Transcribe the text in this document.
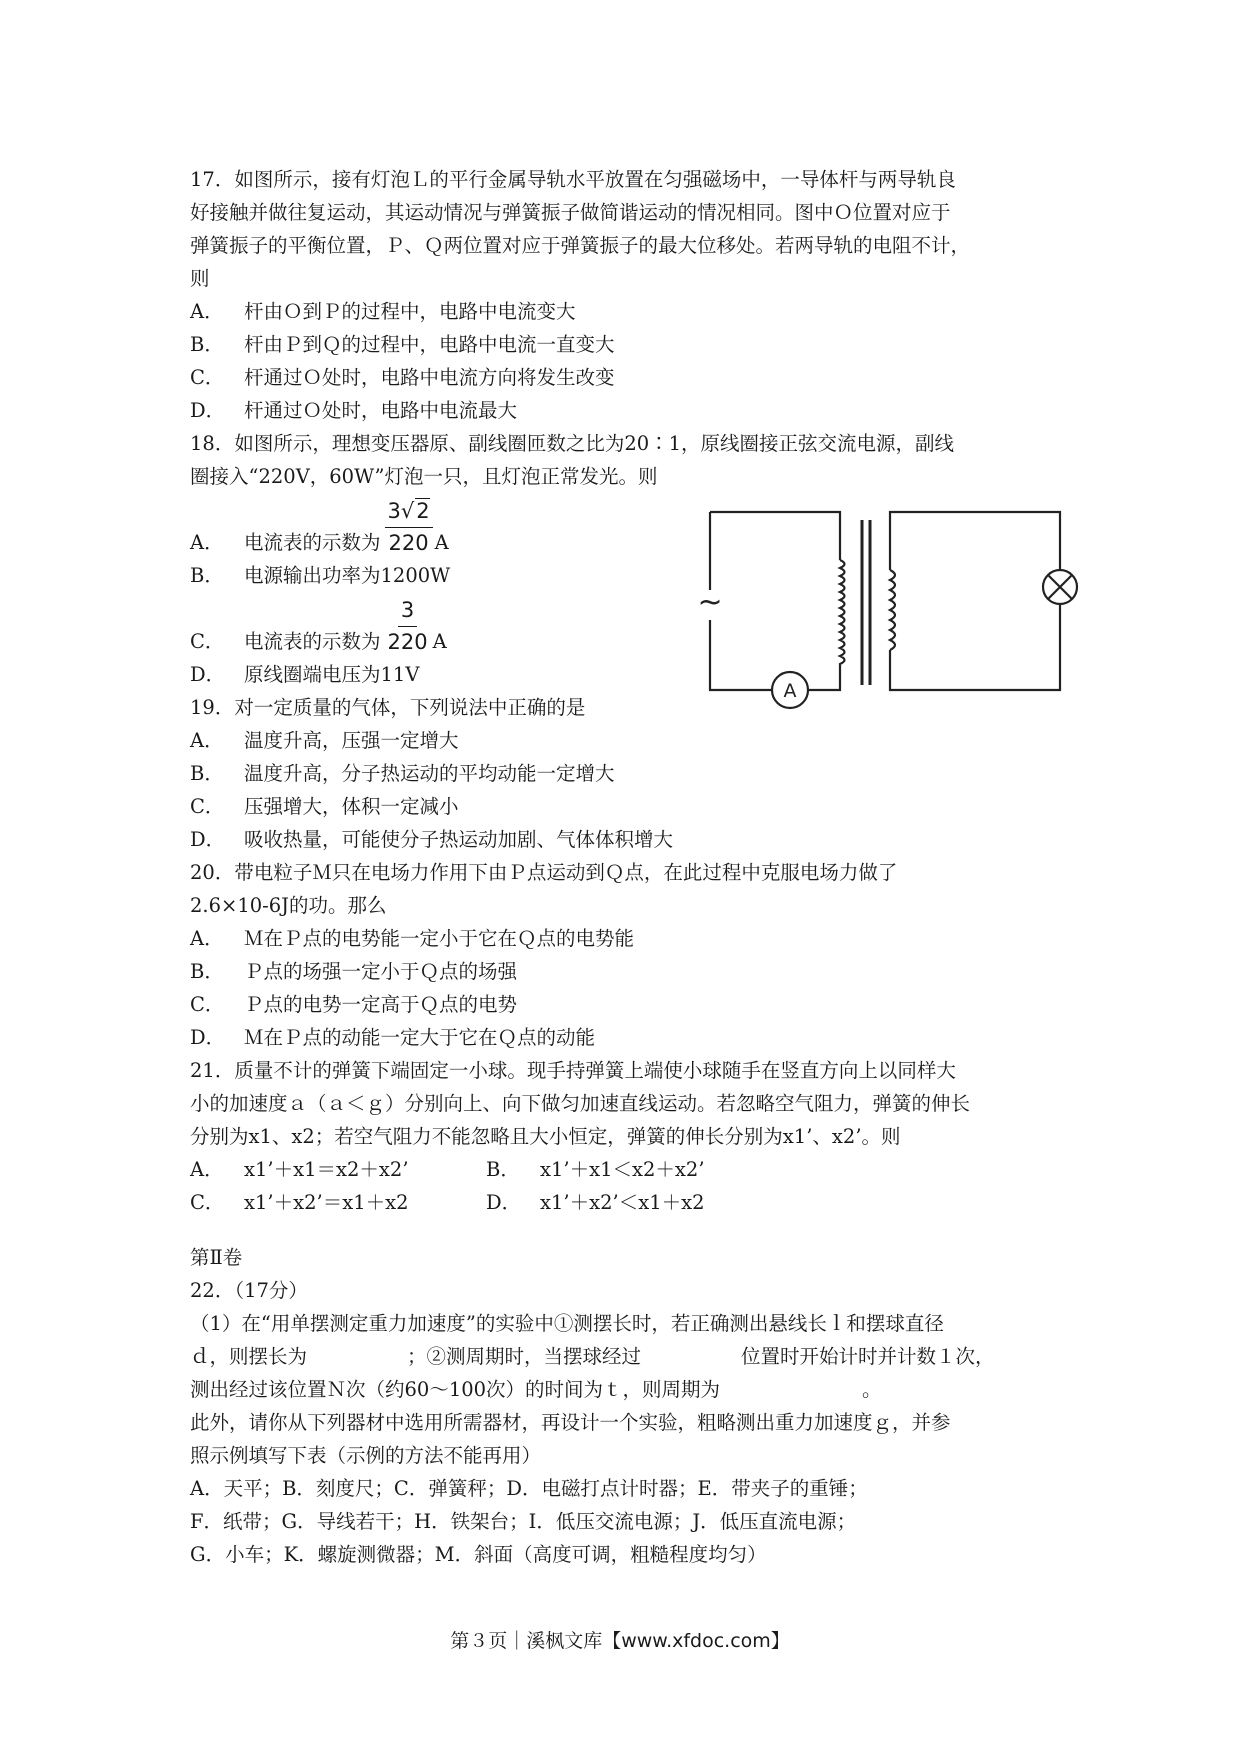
17．如图所示，接有灯泡Ｌ的平行金属导轨水平放置在匀强磁场中，一导体杆与两导轨良
好接触并做往复运动，其运动情况与弹簧振子做简谐运动的情况相同。图中Ｏ位置对应于
弹簧振子的平衡位置，Ｐ、Ｑ两位置对应于弹簧振子的最大位移处。若两导轨的电阻不计，
则
A．	杆由Ｏ到Ｐ的过程中，电路中电流变大
B．	杆由Ｐ到Ｑ的过程中，电路中电流一直变大
C．	杆通过Ｏ处时，电路中电流方向将发生改变
D． 杆通过Ｏ处时，电路中电流最大
18．如图所示，理想变压器原、副线圈匝数之比为20∶1，原线圈接正弦交流电源，副线
圈接入“220V，60W”灯泡一只，且灯泡正常发光。则
A．	电流表的示数为 $\frac{3√2}{220}$ A
B．	电源输出功率为1200W
C．	电流表的示数为 $\frac{3}{220}$ A
D． 原线圈端电压为11V
19．对一定质量的气体，下列说法中正确的是
A．	温度升高，压强一定增大
B．	温度升高，分子热运动的平均动能一定增大
C．	压强增大，体积一定减小
D． 吸收热量，可能使分子热运动加剧、气体体积增大
20．带电粒子Ｍ只在电场力作用下由Ｐ点运动到Ｑ点，在此过程中克服电场力做了
2.6×10-6J的功。那么
A．	Ｍ在Ｐ点的电势能一定小于它在Ｑ点的电势能
B．	Ｐ点的场强一定小于Ｑ点的场强
C．	Ｐ点的电势一定高于Ｑ点的电势
D． Ｍ在Ｐ点的动能一定大于它在Ｑ点的动能
21．质量不计的弹簧下端固定一小球。现手持弹簧上端使小球随手在竖直方向上以同样大
小的加速度ａ（ａ＜ｇ）分别向上、向下做匀加速直线运动。若忽略空气阻力，弹簧的伸长
分别为x1、x2；若空气阻力不能忽略且大小恒定，弹簧的伸长分别为x1’、x2’。则
A．	x1’＋x1＝x2＋x2’	B．	x1’＋x1＜x2＋x2’
C．	x1’＋x2’＝x1＋x2	D． x1’＋x2’＜x1＋x2
第Ⅱ卷
22．（17分）
（1）在“用单摆测定重力加速度”的实验中①测摆长时，若正确测出悬线长ｌ和摆球直径
ｄ，则摆长为	；②测周期时，当摆球经过	位置时开始计时并计数１次，
测出经过该位置Ｎ次（约60～100次）的时间为ｔ，则周期为	。
此外，请你从下列器材中选用所需器材，再设计一个实验，粗略测出重力加速度ｇ，并参
照示例填写下表（示例的方法不能再用）
A．天平；B．刻度尺；C．弹簧秤；D．电磁打点计时器；E．带夹子的重锤；
F．纸带；G．导线若干；H．铁架台；I．低压交流电源；J．低压直流电源；
G．小车；K．螺旋测微器；M．斜面（高度可调，粗糙程度均匀）
A
~
第３页｜溪枫文库【www.xfdoc.com】
